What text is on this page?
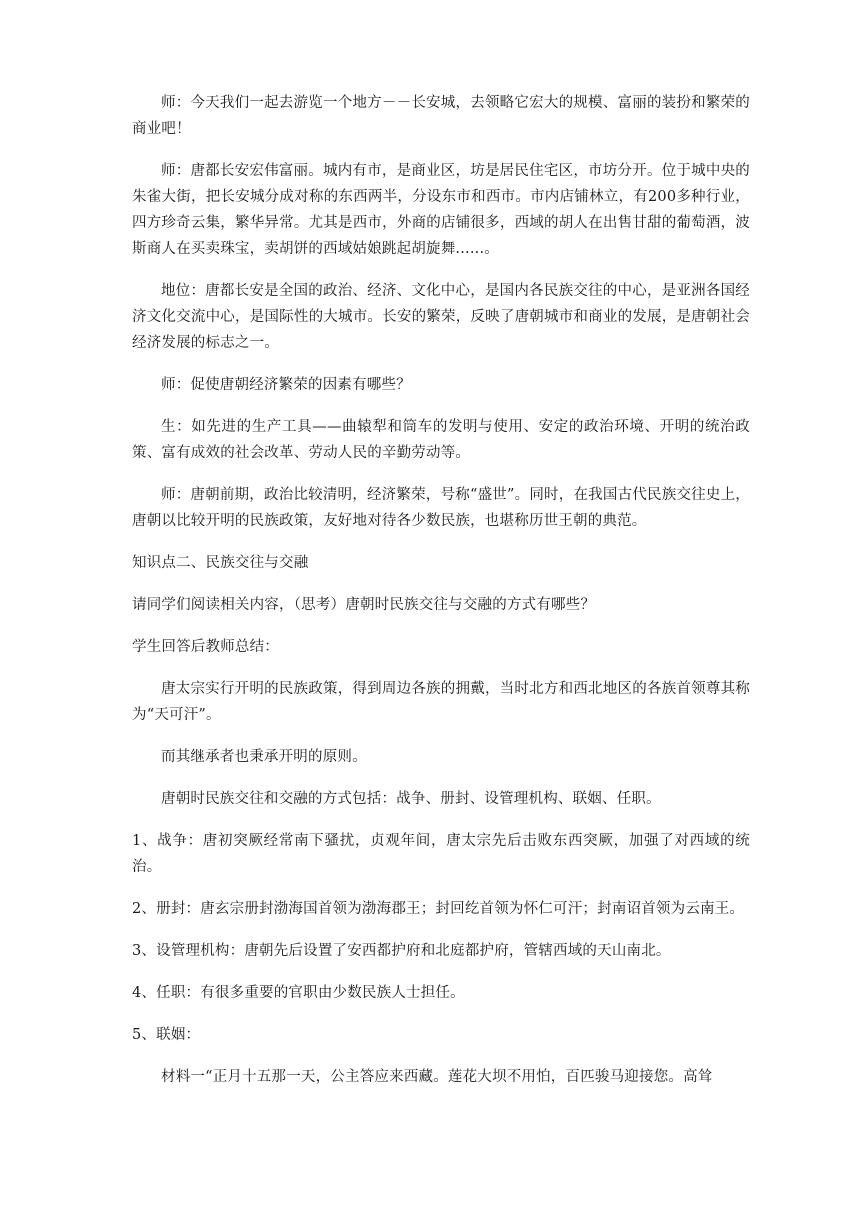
师：今天我们一起去游览一个地方－－长安城，去领略它宏大的规模、富丽的装扮和繁荣的商业吧！

师：唐都长安宏伟富丽。城内有市，是商业区，坊是居民住宅区，市坊分开。位于城中央的朱雀大街，把长安城分成对称的东西两半，分设东市和西市。市内店铺林立，有200多种行业，四方珍奇云集，繁华异常。尤其是西市，外商的店铺很多，西域的胡人在出售甘甜的葡萄酒，波斯商人在买卖珠宝，卖胡饼的西域姑娘跳起胡旋舞......。

地位：唐都长安是全国的政治、经济、文化中心，是国内各民族交往的中心，是亚洲各国经济文化交流中心，是国际性的大城市。长安的繁荣，反映了唐朝城市和商业的发展，是唐朝社会经济发展的标志之一。

师：促使唐朝经济繁荣的因素有哪些？

生：如先进的生产工具——曲辕犁和筒车的发明与使用、安定的政治环境、开明的统治政策、富有成效的社会改革、劳动人民的辛勤劳动等。

师：唐朝前期，政治比较清明，经济繁荣，号称“盛世”。同时，在我国古代民族交往史上，唐朝以比较开明的民族政策，友好地对待各少数民族，也堪称历世王朝的典范。

知识点二、民族交往与交融

请同学们阅读相关内容，（思考）唐朝时民族交往与交融的方式有哪些？

学生回答后教师总结：

唐太宗实行开明的民族政策，得到周边各族的拥戴，当时北方和西北地区的各族首领尊其称为“天可汗”。

而其继承者也秉承开明的原则。

唐朝时民族交往和交融的方式包括：战争、册封、设管理机构、联姻、任职。

1、战争：唐初突厥经常南下骚扰，贞观年间，唐太宗先后击败东西突厥，加强了对西域的统治。

2、册封：唐玄宗册封渤海国首领为渤海郡王；封回纥首领为怀仁可汗；封南诏首领为云南王。

3、设管理机构：唐朝先后设置了安西都护府和北庭都护府，管辖西域的天山南北。

4、任职：有很多重要的官职由少数民族人士担任。

5、联姻：

材料一“正月十五那一天，公主答应来西藏。莲花大坝不用怕，百匹骏马迎接您。高耸
